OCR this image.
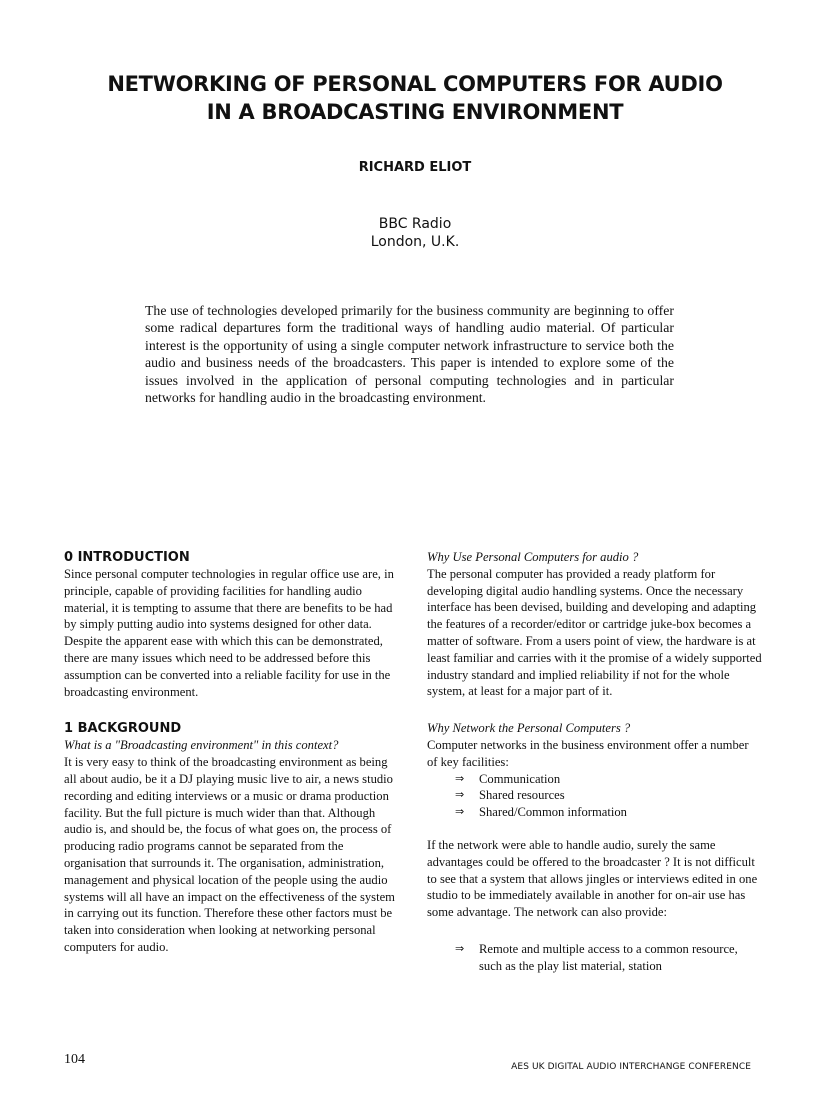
NETWORKING OF PERSONAL COMPUTERS FOR AUDIO
IN A BROADCASTING ENVIRONMENT
RICHARD ELIOT
BBC Radio
London, U.K.
The use of technologies developed primarily for the business community are beginning to offer some radical departures form the traditional ways of handling audio material. Of particular interest is the opportunity of using a single computer network infrastructure to service both the audio and business needs of the broadcasters. This paper is intended to explore some of the issues involved in the application of personal computing technologies and in particular networks for handling audio in the broadcasting environment.
0 INTRODUCTION

Since personal computer technologies in regular office use are, in principle, capable of providing facilities for handling audio material, it is tempting to assume that there are benefits to be had by simply putting audio into systems designed for other data. Despite the apparent ease with which this can be demonstrated, there are many issues which need to be addressed before this assumption can be converted into a reliable facility for use in the broadcasting environment.

1 BACKGROUND

What is a "Broadcasting environment" in this context?

It is very easy to think of the broadcasting environment as being all about audio, be it a DJ playing music live to air, a news studio recording and editing interviews or a music or drama production facility. But the full picture is much wider than that. Although audio is, and should be, the focus of what goes on, the process of producing radio programs cannot be separated from the organisation that surrounds it. The organisation, administration, management and physical location of the people using the audio systems will all have an impact on the effectiveness of the system in carrying out its function. Therefore these other factors must be taken into consideration when looking at networking personal computers for audio.

Why Use Personal Computers for audio ?

The personal computer has provided a ready platform for developing digital audio handling systems. Once the necessary interface has been devised, building and developing and adapting the features of a recorder/editor or cartridge juke-box becomes a matter of software. From a users point of view, the hardware is at least familiar and carries with it the promise of a widely supported industry standard and implied reliability if not for the whole system, at least for a major part of it.

Why Network the Personal Computers ?

Computer networks in the business environment offer a number of key facilities:

⇒ Communication
⇒ Shared resources
⇒ Shared/Common information

If the network were able to handle audio, surely the same advantages could be offered to the broadcaster ? It is not difficult to see that a system that allows jingles or interviews edited in one studio to be immediately available in another for on-air use has some advantage. The network can also provide:

⇒ Remote and multiple access to a common resource, such as the play list material, station
104	AES UK DIGITAL AUDIO INTERCHANGE CONFERENCE
